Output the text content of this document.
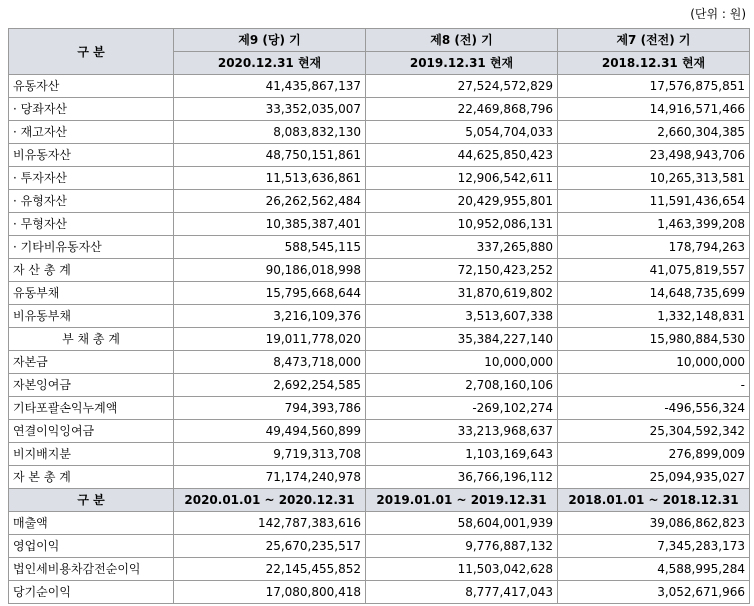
(단위 : 원)
구 분	제9 (당) 기	제8 (전) 기	제7 (전전) 기
	2020.12.31 현재	2019.12.31 현재	2018.12.31 현재
유동자산	41,435,867,137	27,524,572,829	17,576,875,851
· 당좌자산	33,352,035,007	22,469,868,796	14,916,571,466
· 재고자산	8,083,832,130	5,054,704,033	2,660,304,385
비유동자산	48,750,151,861	44,625,850,423	23,498,943,706
· 투자자산	11,513,636,861	12,906,542,611	10,265,313,581
· 유형자산	26,262,562,484	20,429,955,801	11,591,436,654
· 무형자산	10,385,387,401	10,952,086,131	1,463,399,208
· 기타비유동자산	588,545,115	337,265,880	178,794,263
자 산 총 계	90,186,018,998	72,150,423,252	41,075,819,557
유동부채	15,795,668,644	31,870,619,802	14,648,735,699
비유동부채	3,216,109,376	3,513,607,338	1,332,148,831
부 채 총 계	19,011,778,020	35,384,227,140	15,980,884,530
자본금	8,473,718,000	10,000,000	10,000,000
자본잉여금	2,692,254,585	2,708,160,106	-
기타포괄손익누계액	794,393,786	-269,102,274	-496,556,324
연결이익잉여금	49,494,560,899	33,213,968,637	25,304,592,342
비지배지분	9,719,313,708	1,103,169,643	276,899,009
자 본 총 계	71,174,240,978	36,766,196,112	25,094,935,027
구 분	2020.01.01 ~ 2020.12.31	2019.01.01 ~ 2019.12.31	2018.01.01 ~ 2018.12.31
매출액	142,787,383,616	58,604,001,939	39,086,862,823
영업이익	25,670,235,517	9,776,887,132	7,345,283,173
법인세비용차감전순이익	22,145,455,852	11,503,042,628	4,588,995,284
당기순이익	17,080,800,418	8,777,417,043	3,052,671,966
